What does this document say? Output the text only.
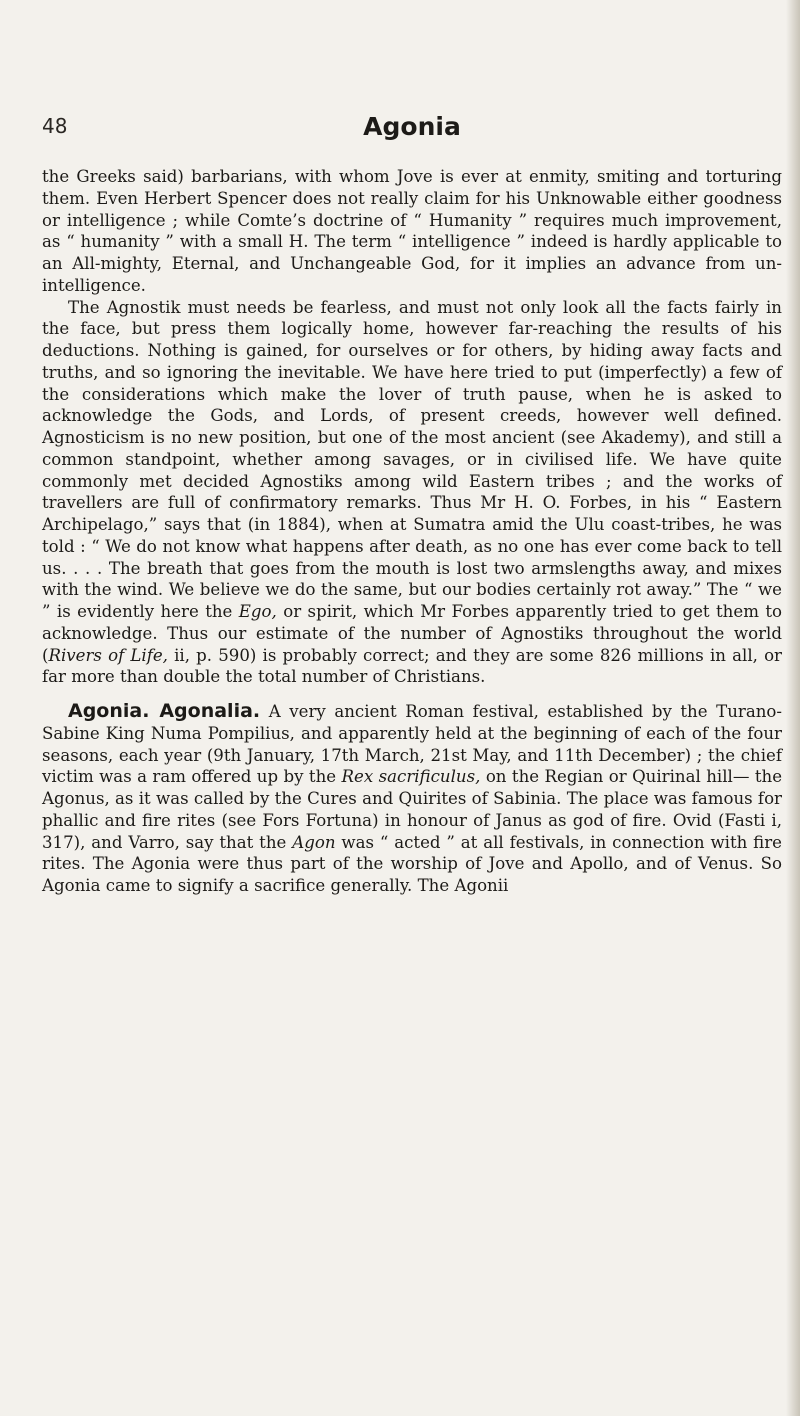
48	Agonia

the Greeks said) barbarians, with whom Jove is ever at enmity, smiting and torturing them. Even Herbert Spencer does not really claim for his Unknowable either goodness or intelligence ; while Comte’s doctrine of “ Humanity ” requires much improvement, as “ humanity ” with a small H. The term “ intelligence ” indeed is hardly applicable to an All-mighty, Eternal, and Unchangeable God, for it implies an advance from un-intelligence.

The Agnostik must needs be fearless, and must not only look all the facts fairly in the face, but press them logically home, however far-reaching the results of his deductions. Nothing is gained, for ourselves or for others, by hiding away facts and truths, and so ignoring the inevitable. We have here tried to put (imperfectly) a few of the considerations which make the lover of truth pause, when he is asked to acknowledge the Gods, and Lords, of present creeds, however well defined. Agnosticism is no new position, but one of the most ancient (see Akademy), and still a common standpoint, whether among savages, or in civilised life. We have quite commonly met decided Agnostiks among wild Eastern tribes ; and the works of travellers are full of confirmatory remarks. Thus Mr H. O. Forbes, in his “ Eastern Archipelago,” says that (in 1884), when at Sumatra amid the Ulu coast-tribes, he was told : “ We do not know what happens after death, as no one has ever come back to tell us. . . . The breath that goes from the mouth is lost two armslengths away, and mixes with the wind. We believe we do the same, but our bodies certainly rot away.” The “ we ” is evidently here the Ego, or spirit, which Mr Forbes apparently tried to get them to acknowledge. Thus our estimate of the number of Agnostiks throughout the world (Rivers of Life, ii, p. 590) is probably correct; and they are some 826 millions in all, or far more than double the total number of Christians.

Agonia. Agonalia. A very ancient Roman festival, established by the Turano-Sabine King Numa Pompilius, and apparently held at the beginning of each of the four seasons, each year (9th January, 17th March, 21st May, and 11th December) ; the chief victim was a ram offered up by the Rex sacrificulus, on the Regian or Quirinal hill— the Agonus, as it was called by the Cures and Quirites of Sabinia. The place was famous for phallic and fire rites (see Fors Fortuna) in honour of Janus as god of fire. Ovid (Fasti i, 317), and Varro, say that the Agon was “ acted ” at all festivals, in connection with fire rites. The Agonia were thus part of the worship of Jove and Apollo, and of Venus. So Agonia came to signify a sacrifice generally. The Agonii
